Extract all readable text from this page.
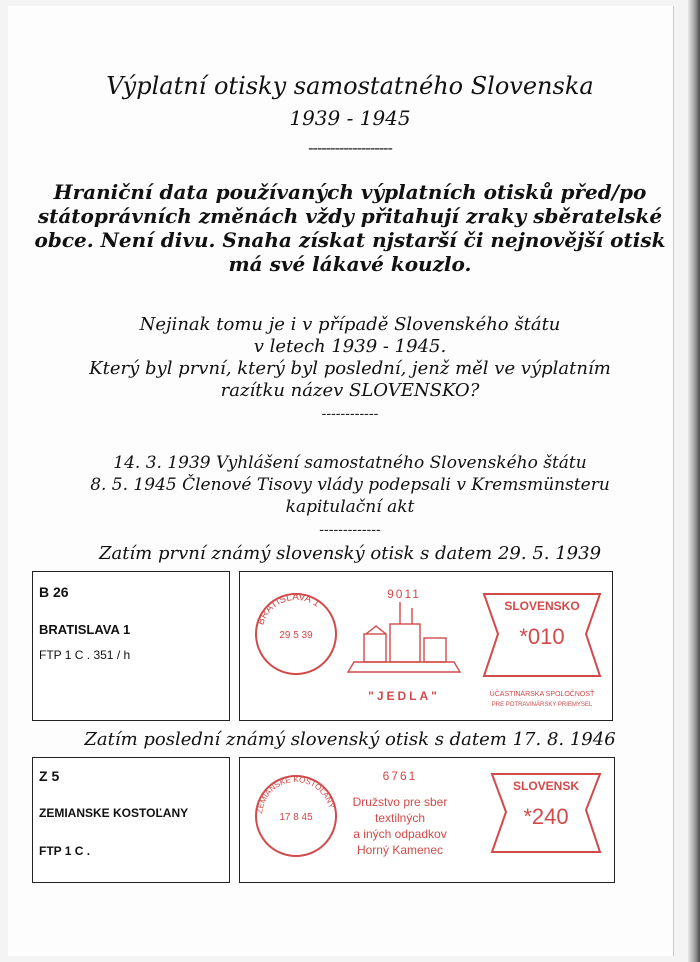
Výplatní otisky samostatného Slovenska
1939 - 1945
-------------------
Hraniční data používaných výplatních otisků před/po státoprávních změnách vždy přitahují zraky sběratelské obce. Není divu. Snaha získat njstarší či nejnovější otisk má své lákavé kouzlo.
Nejinak tomu je i v případě Slovenského štátu
v letech 1939 - 1945.
Který byl první, který byl poslední, jenž měl ve výplatním
razítku název SLOVENSKO?
------------
14. 3. 1939 Vyhlášení samostatného Slovenského štátu
8. 5. 1945 Členové Tisovy vlády podepsali v Kremsmünsteru
kapitulační akt
-------------
Zatím první známý slovenský otisk s datem 29. 5. 1939
B 26
BRATISLAVA 1
FTP 1 C . 351 / h
BRATISLAVA 1
29 5 39
9011
"JEDLA"
SLOVENSKO
*010
ÚČASTINÁRSKA SPOLOČNOSŤ
PRE POTRAVINÁRSKY PRIEMYSEL
Zatím poslední známý slovenský otisk s datem 17. 8. 1946
Z 5
ZEMIANSKE KOSTOĽANY
FTP 1 C .
ZEMIANSKE KOSTOĽANY
17 8 45
6761
Družstvo pre sber
textilných
a iných odpadkov
Horný Kamenec
SLOVENSK
*240
